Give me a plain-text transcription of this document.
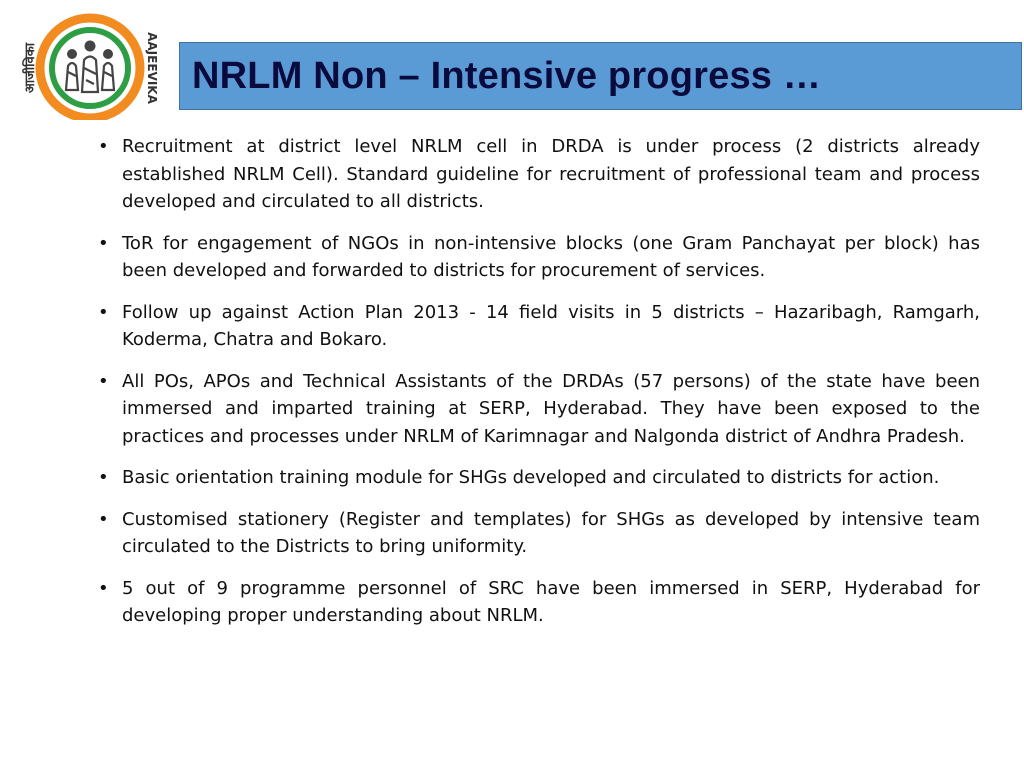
आजीविका	AAJEEVIKA NRLM Non – Intensive progress …
• Recruitment at district level NRLM cell in DRDA is under process (2 districts already established NRLM Cell). Standard guideline for recruitment of professional team and process developed and circulated to all districts.
• ToR for engagement of NGOs in non-intensive blocks (one Gram Panchayat per block) has been developed and forwarded to districts for procurement of services.
• Follow up against Action Plan 2013 - 14 field visits in 5 districts – Hazaribagh, Ramgarh, Koderma, Chatra and Bokaro.
• All POs, APOs and Technical Assistants of the DRDAs (57 persons) of the state have been immersed and imparted training at SERP, Hyderabad. They have been exposed to the practices and processes under NRLM of Karimnagar and Nalgonda district of Andhra Pradesh.
• Basic orientation training module for SHGs developed and circulated to districts for action.
• Customised stationery (Register and templates) for SHGs as developed by intensive team circulated to the Districts to bring uniformity.
• 5 out of 9 programme personnel of SRC have been immersed in SERP, Hyderabad for developing proper understanding about NRLM.
